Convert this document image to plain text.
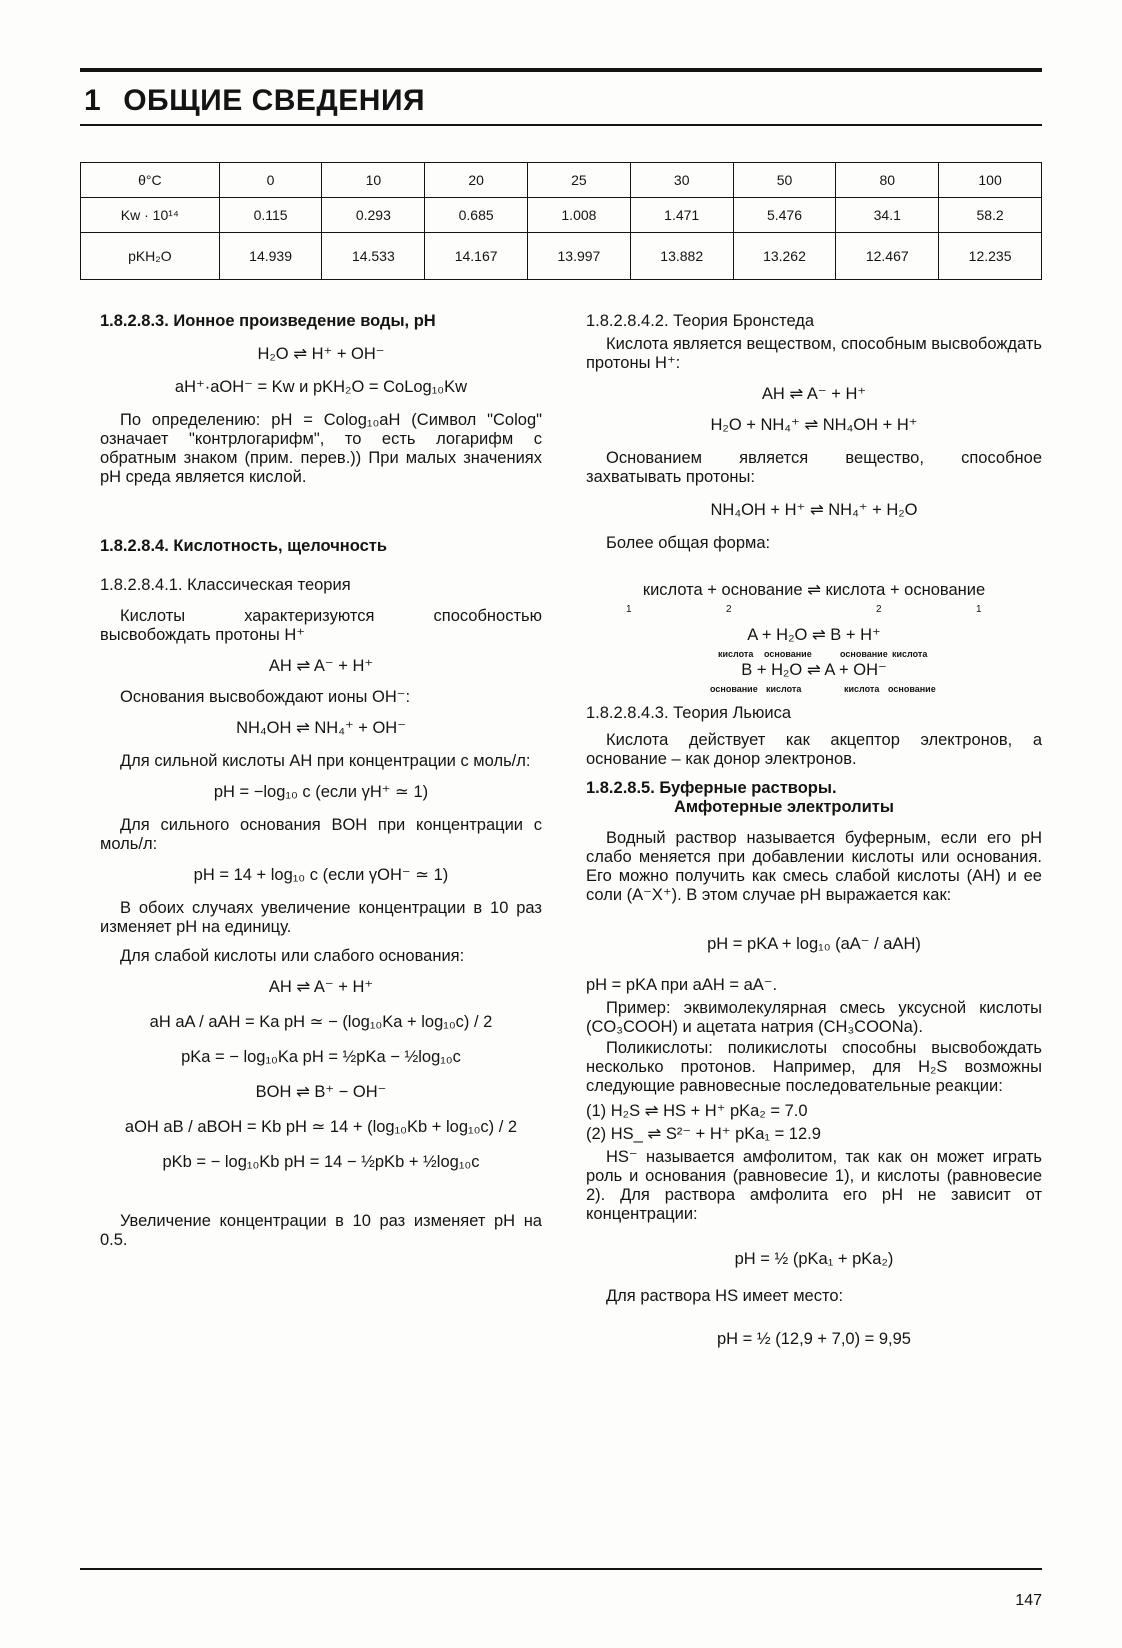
1 ОБЩИЕ СВЕДЕНИЯ
θ°C	0	10	20	25	30	50	80	100
Kw · 10¹⁴	0.115	0.293	0.685	1.008	1.471	5.476	34.1	58.2
pKH₂O	14.939	14.533	14.167	13.997	13.882	13.262	12.467	12.235

1.8.2.8.3. Ионное произведение воды, рН

H₂O ⇌ H⁺ + OH⁻

aH⁺·aOH⁻ = Kw и pKH₂O = CoLog₁₀Kw

По определению: pH = Colog₁₀aH (Символ "Colog" означает "контрлогарифм", то есть логарифм с обратным знаком (прим. перев.)) При малых значениях рН среда является кислой.

1.8.2.8.4. Кислотность, щелочность

1.8.2.8.4.1. Классическая теория

Кислоты характеризуются способностью высвобождать протоны H⁺

AH ⇌ A⁻ + H⁺

Основания высвобождают ионы OH⁻:

NH₄OH ⇌ NH₄⁺ + OH⁻

Для сильной кислоты AH при концентрации c моль/л:

pH = −log₁₀ c (если γH⁺ ≃ 1)

Для сильного основания BOH при концентрации c моль/л:

pH = 14 + log₁₀ c (если γOH⁻ ≃ 1)

В обоих случаях увеличение концентрации в 10 раз изменяет рН на единицу.

Для слабой кислоты или слабого основания:

AH ⇌ A⁻ + H⁺

aH aA / aAH = Ka pH ≃ − (log₁₀Ka + log₁₀c) / 2

pKa = − log₁₀Ka pH = ½pKa − ½log₁₀c

BOH ⇌ B⁺ − OH⁻

aOH aB / aBOH = Kb pH ≃ 14 + (log₁₀Kb + log₁₀c) / 2

pKb = − log₁₀Kb pH = 14 − ½pKb + ½log₁₀c

Увеличение концентрации в 10 раз изменяет рН на 0.5.

1.8.2.8.4.2. Теория Бронстеда

Кислота является веществом, способным высвобождать протоны H⁺:

AH ⇌ A⁻ + H⁺

H₂O + NH₄⁺ ⇌ NH₄OH + H⁺

Основанием является вещество, способное захватывать протоны:

NH₄OH + H⁺ ⇌ NH₄⁺ + H₂O

Более общая форма:

кислота + основание ⇌ кислота + основание

1	2	2	1

A + H₂O ⇌ B + H⁺

кислота основание	основание кислота

B + H₂O ⇌ A + OH⁻

основание кислота	кислота основание

1.8.2.8.4.3. Теория Льюиса

Кислота действует как акцептор электронов, а основание – как донор электронов.

1.8.2.8.5. Буферные растворы.

Амфотерные электролиты

Водный раствор называется буферным, если его pH слабо меняется при добавлении кислоты или основания. Его можно получить как смесь слабой кислоты (AH) и ее соли (A⁻X⁺). В этом случае рН выражается как:

pH = pKA + log₁₀ (aA⁻ / aAH)

pH = pKA при aAH = aA⁻.

Пример: эквимолекулярная смесь уксусной кислоты (CO₃COOH) и ацетата натрия (CH₃COONa).

Поликислоты: поликислоты способны высвобождать несколько протонов. Например, для H₂S возможны следующие равновесные последовательные реакции:

(1) H₂S ⇌ HS + H⁺ pKa₂ = 7.0

(2) HS_ ⇌ S²⁻ + H⁺ pKa₁ = 12.9

HS⁻ называется амфолитом, так как он может играть роль и основания (равновесие 1), и кислоты (равновесие 2). Для раствора амфолита его рН не зависит от концентрации:

pH = ½ (pKa₁ + pKa₂)

Для раствора HS имеет место:

pH = ½ (12,9 + 7,0) = 9,95

147
